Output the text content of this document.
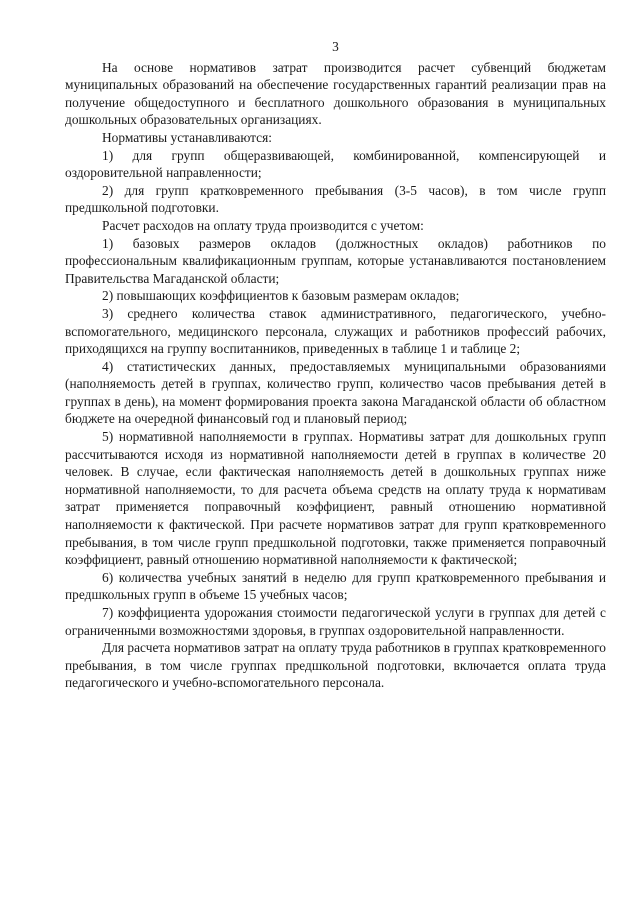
3

На основе нормативов затрат производится расчет субвенций бюджетам муниципальных образований на обеспечение государственных гарантий реализации прав на получение общедоступного и бесплатного дошкольного образования в муниципальных дошкольных образовательных организациях.

Нормативы устанавливаются:

1) для групп общеразвивающей, комбинированной, компенсирующей и оздоровительной направленности;

2) для групп кратковременного пребывания (3-5 часов), в том числе групп предшкольной подготовки.

Расчет расходов на оплату труда производится с учетом:

1) базовых размеров окладов (должностных окладов) работников по профессиональным квалификационным группам, которые устанавливаются постановлением Правительства Магаданской области;

2) повышающих коэффициентов к базовым размерам окладов;

3) среднего количества ставок административного, педагогического, учебно-вспомогательного, медицинского персонала, служащих и работников профессий рабочих, приходящихся на группу воспитанников, приведенных в таблице 1 и таблице 2;

4) статистических данных, предоставляемых муниципальными образованиями (наполняемость детей в группах, количество групп, количество часов пребывания детей в группах в день), на момент формирования проекта закона Магаданской области об областном бюджете на очередной финансовый год и плановый период;

5) нормативной наполняемости в группах. Нормативы затрат для дошкольных групп рассчитываются исходя из нормативной наполняемости детей в группах в количестве 20 человек. В случае, если фактическая наполняемость детей в дошкольных группах ниже нормативной наполняемости, то для расчета объема средств на оплату труда к нормативам затрат применяется поправочный коэффициент, равный отношению нормативной наполняемости к фактической. При расчете нормативов затрат для групп кратковременного пребывания, в том числе групп предшкольной подготовки, также применяется поправочный коэффициент, равный отношению нормативной наполняемости к фактической;

6) количества учебных занятий в неделю для групп кратковременного пребывания и предшкольных групп в объеме 15 учебных часов;

7) коэффициента удорожания стоимости педагогической услуги в группах для детей с ограниченными возможностями здоровья, в группах оздоровительной направленности.

Для расчета нормативов затрат на оплату труда работников в группах кратковременного пребывания, в том числе группах предшкольной подготовки, включается оплата труда педагогического и учебно-вспомогательного персонала.
